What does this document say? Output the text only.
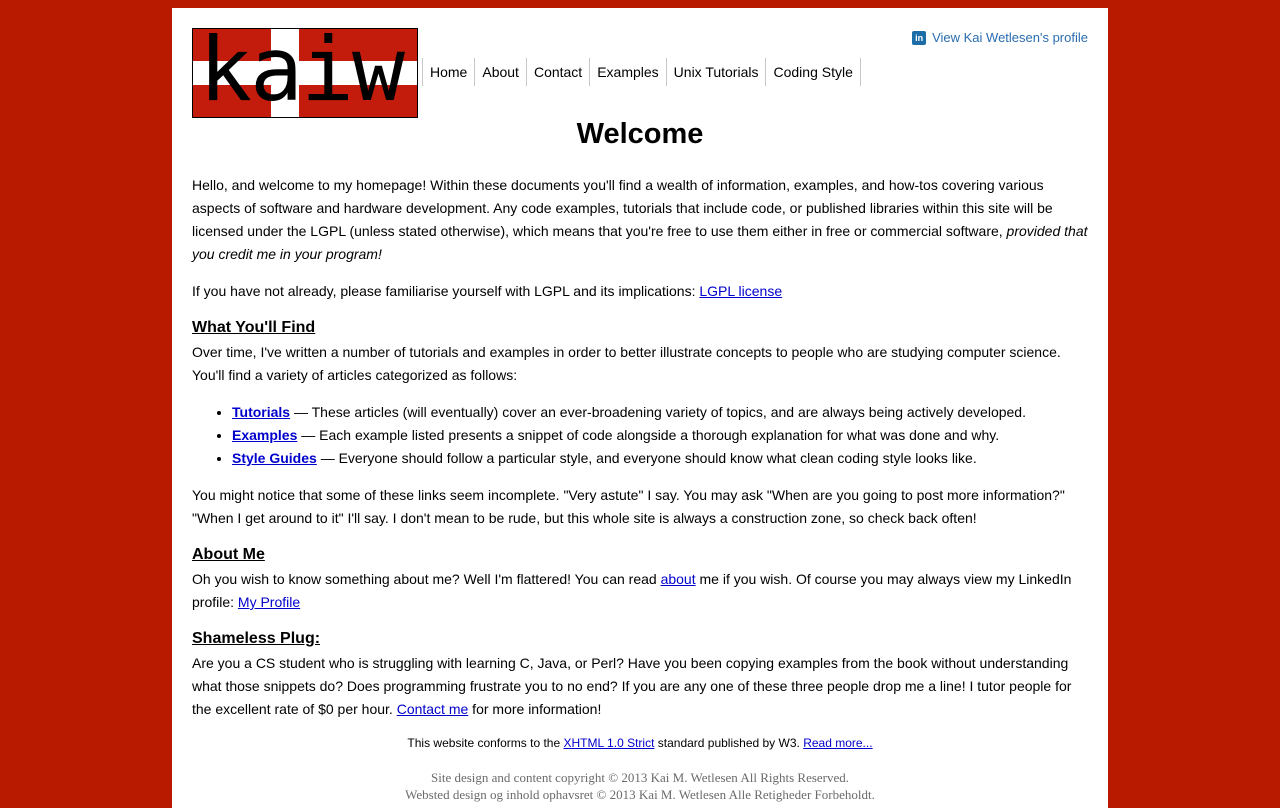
kaiw	Home	About	Contact	Examples	Unix Tutorials	Coding Style
in View Kai Wetlesen's profile
Welcome

Hello, and welcome to my homepage! Within these documents you'll find a wealth of information, examples, and how-tos covering various aspects of software and hardware development. Any code examples, tutorials that include code, or published libraries within this site will be licensed under the LGPL (unless stated otherwise), which means that you're free to use them either in free or commercial software, provided that you credit me in your program!

If you have not already, please familiarise yourself with LGPL and its implications: LGPL license

What You'll Find

Over time, I've written a number of tutorials and examples in order to better illustrate concepts to people who are studying computer science. You'll find a variety of articles categorized as follows:

• Tutorials — These articles (will eventually) cover an ever-broadening variety of topics, and are always being actively developed.
• Examples — Each example listed presents a snippet of code alongside a thorough explanation for what was done and why.
• Style Guides — Everyone should follow a particular style, and everyone should know what clean coding style looks like.

You might notice that some of these links seem incomplete. "Very astute" I say. You may ask "When are you going to post more information?" "When I get around to it" I'll say. I don't mean to be rude, but this whole site is always a construction zone, so check back often!

About Me

Oh you wish to know something about me? Well I'm flattered! You can read about me if you wish. Of course you may always view my LinkedIn profile: My Profile

Shameless Plug:

Are you a CS student who is struggling with learning C, Java, or Perl? Have you been copying examples from the book without understanding what those snippets do? Does programming frustrate you to no end? If you are any one of these three people drop me a line! I tutor people for the excellent rate of $0 per hour. Contact me for more information!

This website conforms to the XHTML 1.0 Strict standard published by W3. Read more...
Site design and content copyright © 2013 Kai M. Wetlesen All Rights Reserved.
Websted design og inhold ophavsret © 2013 Kai M. Wetlesen Alle Retigheder Forbeholdt.
